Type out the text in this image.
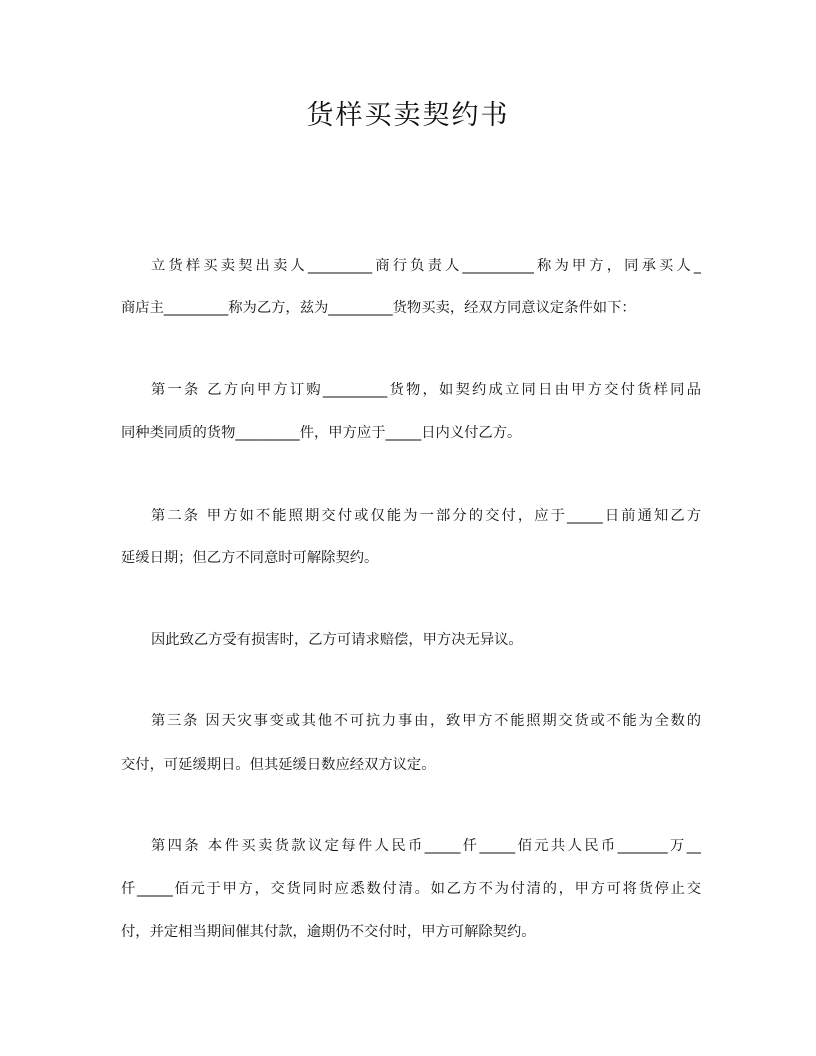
货样买卖契约书
立货样买卖契出卖人_________商行负责人__________称为甲方，同承买人_
商店主_________称为乙方，兹为_________货物买卖，经双方同意议定条件如下：
第一条 乙方向甲方订购_________货物，如契约成立同日由甲方交付货样同品
同种类同质的货物_________件，甲方应于_____日内义付乙方。
第二条 甲方如不能照期交付或仅能为一部分的交付，应于_____日前通知乙方
延缓日期；但乙方不同意时可解除契约。
因此致乙方受有损害时，乙方可请求赔偿，甲方决无异议。
第三条 因天灾事变或其他不可抗力事由，致甲方不能照期交货或不能为全数的
交付，可延缓期日。但其延缓日数应经双方议定。
第四条 本件买卖货款议定每件人民币_____仟_____佰元共人民币_______万__
仟_____佰元于甲方，交货同时应悉数付清。如乙方不为付清的，甲方可将货停止交
付，并定相当期间催其付款，逾期仍不交付时，甲方可解除契约。
